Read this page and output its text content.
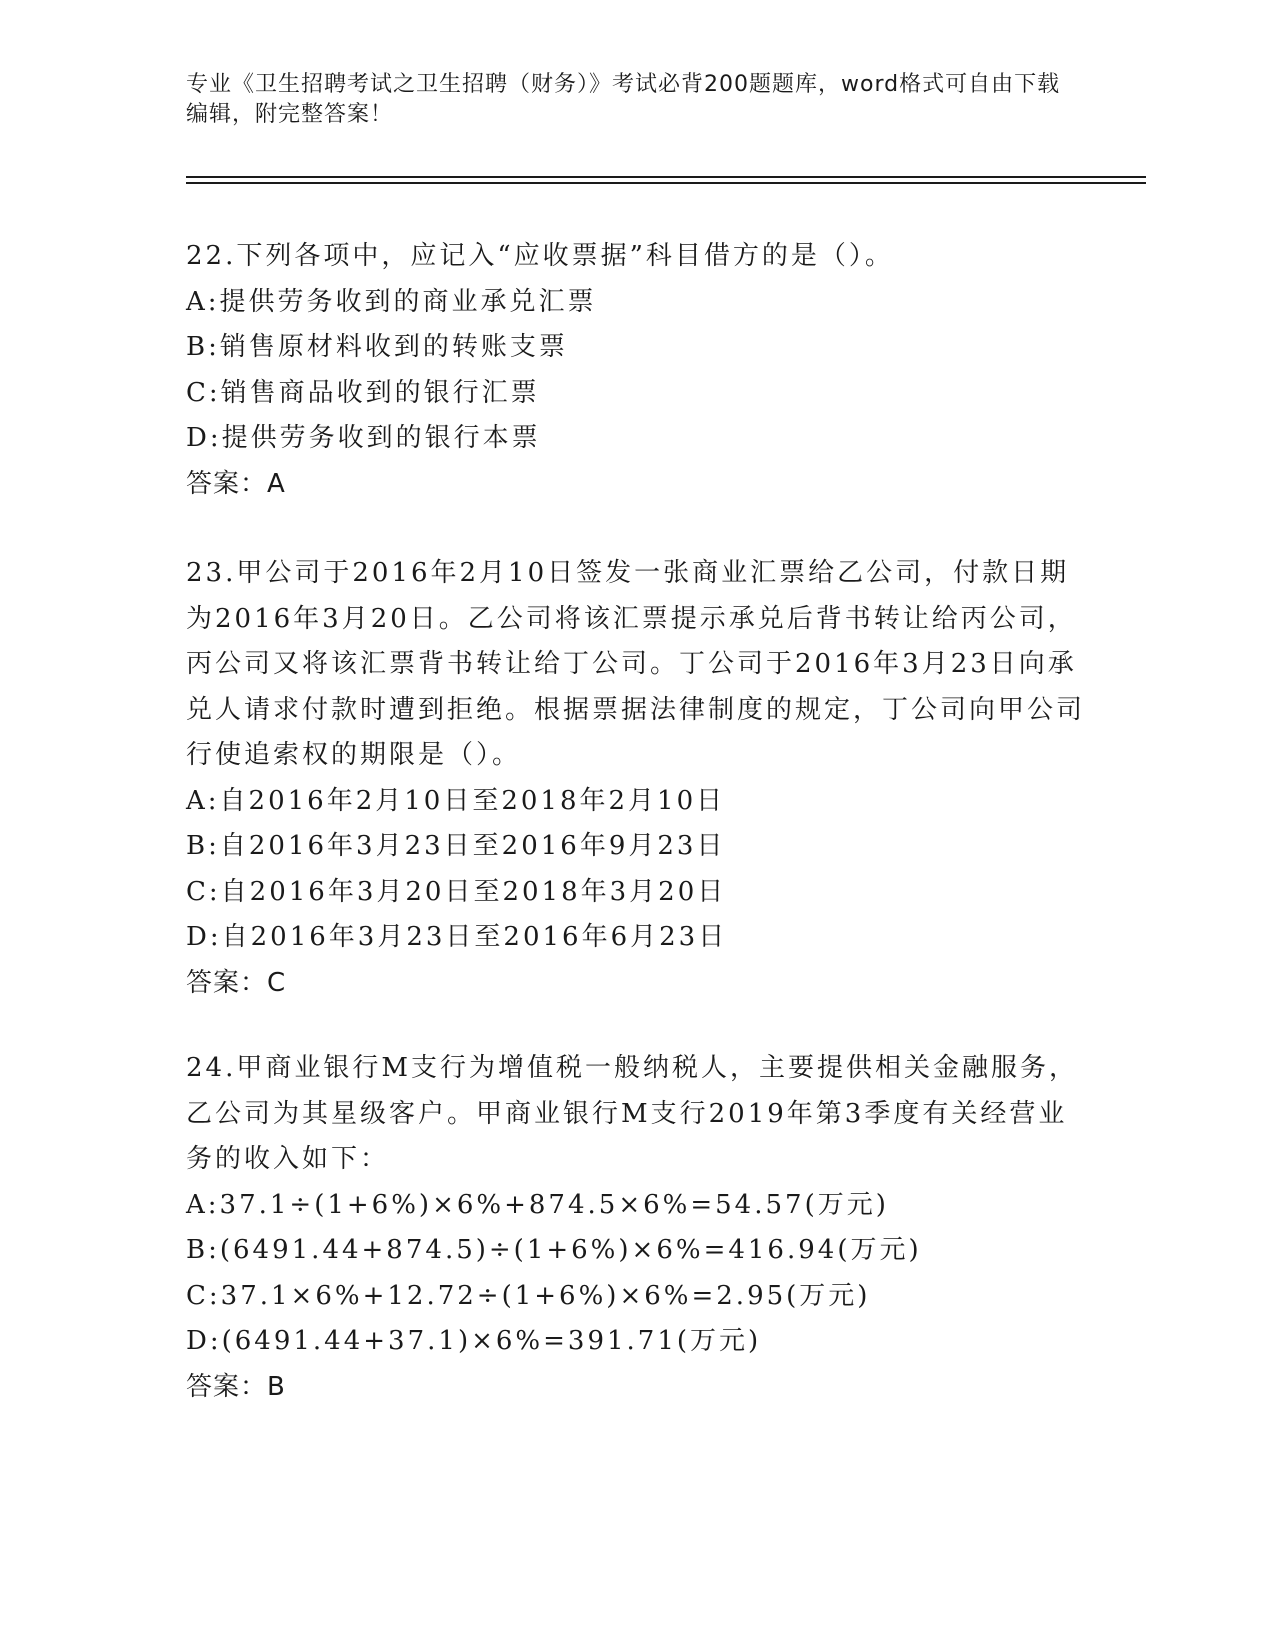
专业《卫生招聘考试之卫生招聘（财务）》考试必背200题题库，word格式可自由下载编辑，附完整答案！

22.下列各项中，应记入“应收票据”科目借方的是（）。

A:提供劳务收到的商业承兑汇票

B:销售原材料收到的转账支票

C:销售商品收到的银行汇票

D:提供劳务收到的银行本票

答案：A

23.甲公司于2016年2月10日签发一张商业汇票给乙公司，付款日期为2016年3月20日。乙公司将该汇票提示承兑后背书转让给丙公司，丙公司又将该汇票背书转让给丁公司。丁公司于2016年3月23日向承兑人请求付款时遭到拒绝。根据票据法律制度的规定，丁公司向甲公司行使追索权的期限是（）。

A:自2016年2月10日至2018年2月10日

B:自2016年3月23日至2016年9月23日

C:自2016年3月20日至2018年3月20日

D:自2016年3月23日至2016年6月23日

答案：C

24.甲商业银行M支行为增值税一般纳税人，主要提供相关金融服务，乙公司为其星级客户。甲商业银行M支行2019年第3季度有关经营业务的收入如下：

A:37.1÷(1+6%)×6%+874.5×6%=54.57(万元)

B:(6491.44+874.5)÷(1+6%)×6%=416.94(万元)

C:37.1×6%+12.72÷(1+6%)×6%=2.95(万元)

D:(6491.44+37.1)×6%=391.71(万元)

答案：B
